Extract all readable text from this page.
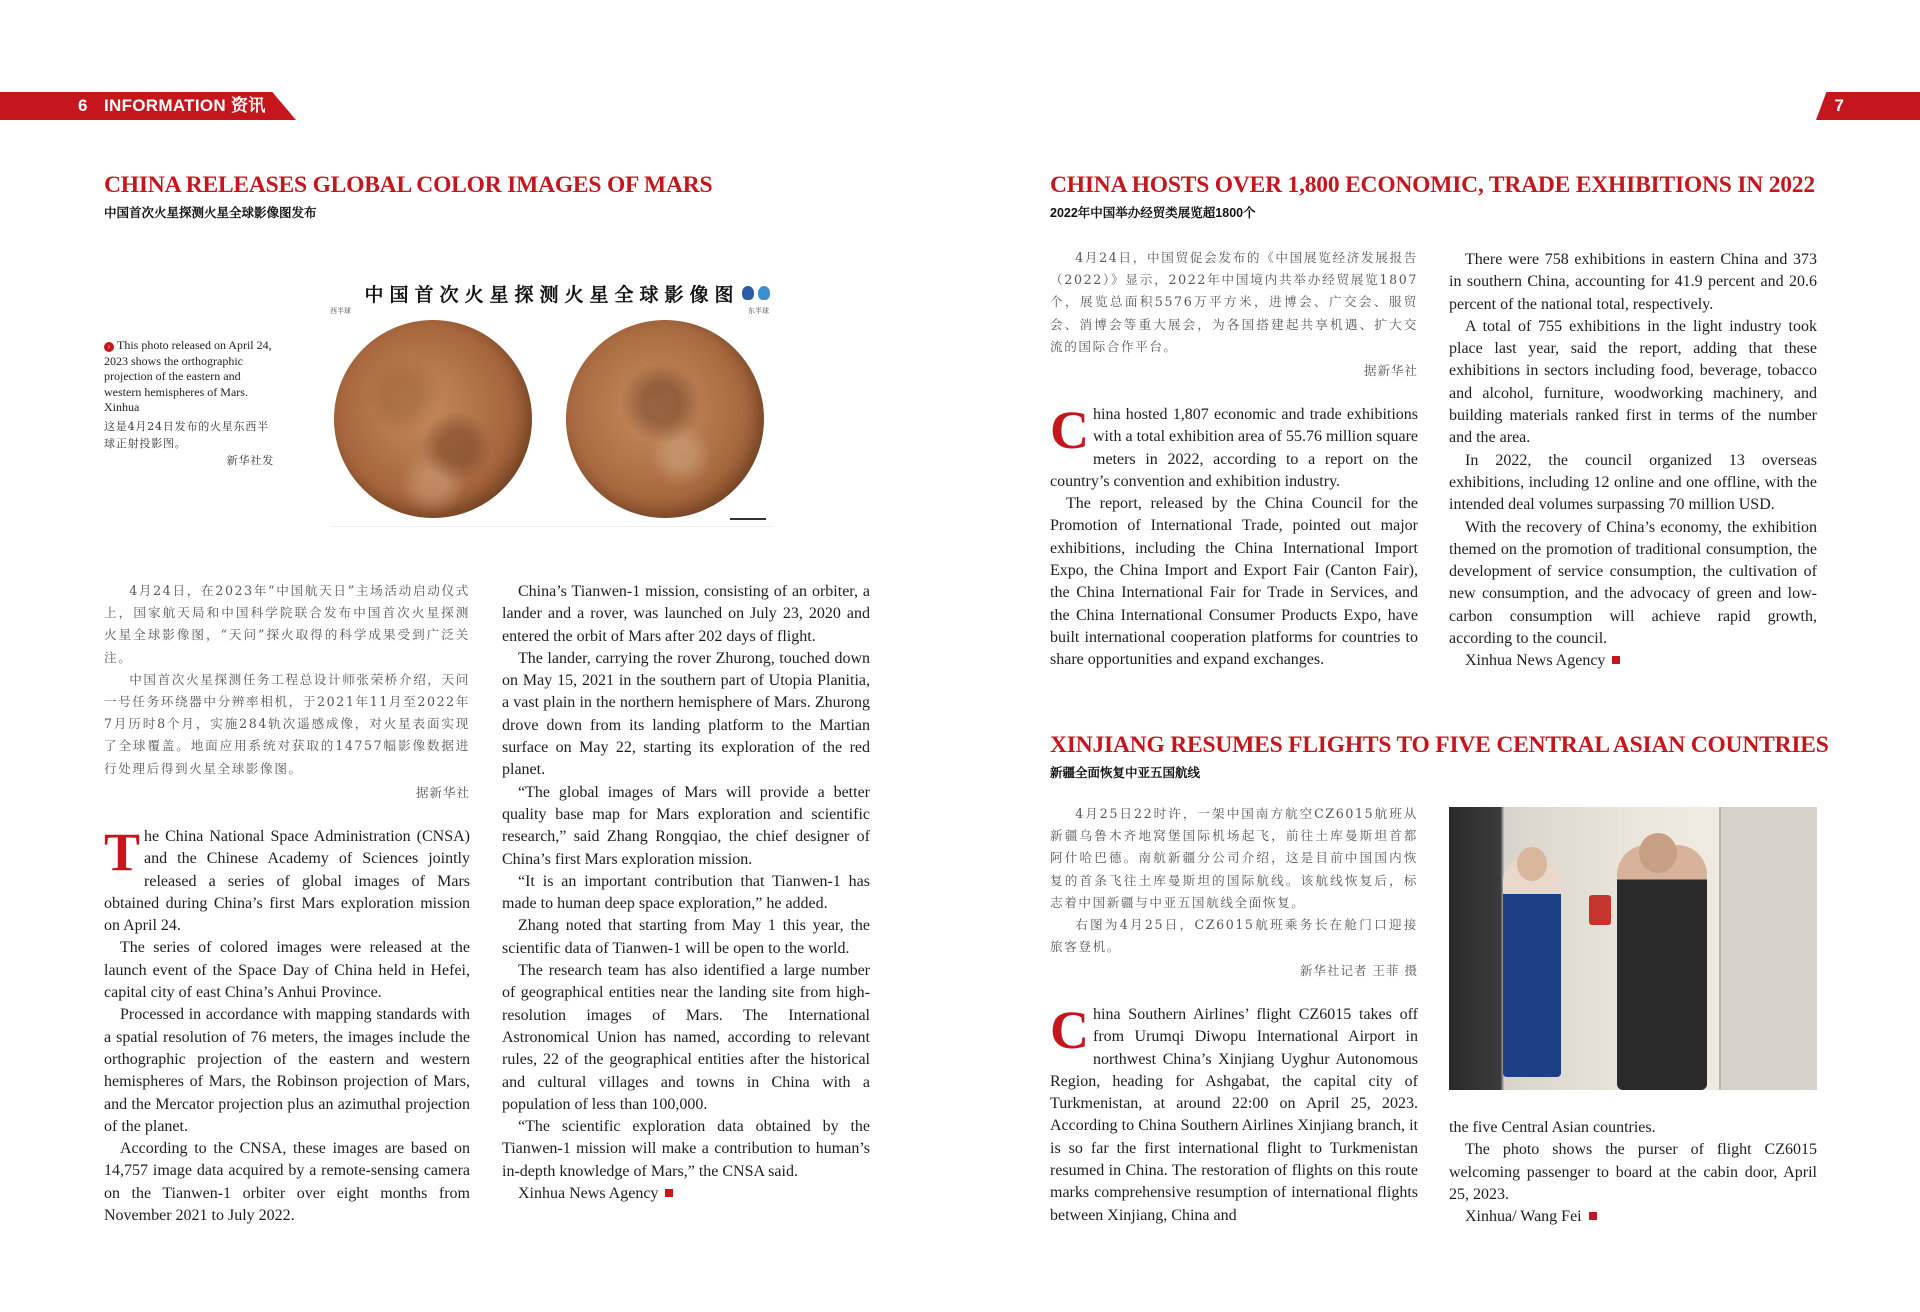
6 INFORMATION 资讯	7
CHINA RELEASES GLOBAL COLOR IMAGES OF MARS
中国首次火星探测火星全球影像图发布
西半球	东半球
中国首次火星探测火星全球影像图
› This photo released on April 24, 2023 shows the orthographic projection of the eastern and western hemispheres of Mars. Xinhua
这是4月24日发布的火星东西半球正射投影图。
新华社发

4月24日，在2023年“中国航天日”主场活动启动仪式上，国家航天局和中国科学院联合发布中国首次火星探测火星全球影像图，“天问”探火取得的科学成果受到广泛关注。

中国首次火星探测任务工程总设计师张荣桥介绍，天问一号任务环绕器中分辨率相机，于2021年11月至2022年7月历时8个月，实施284轨次遥感成像，对火星表面实现了全球覆盖。地面应用系统对获取的14757幅影像数据进行处理后得到火星全球影像图。

据新华社

The China National Space Administration (CNSA) and the Chinese Academy of Sciences jointly released a series of global images of Mars obtained during China’s first Mars exploration mission on April 24.

The series of colored images were released at the launch event of the Space Day of China held in Hefei, capital city of east China’s Anhui Province.

Processed in accordance with mapping standards with a spatial resolution of 76 meters, the images include the orthographic projection of the eastern and western hemispheres of Mars, the Robinson projection of Mars, and the Mercator projection plus an azimuthal projection of the planet.

According to the CNSA, these images are based on 14,757 image data acquired by a remote-sensing camera on the Tianwen-1 orbiter over eight months from November 2021 to July 2022.

China’s Tianwen-1 mission, consisting of an orbiter, a lander and a rover, was launched on July 23, 2020 and entered the orbit of Mars after 202 days of flight.

The lander, carrying the rover Zhurong, touched down on May 15, 2021 in the southern part of Utopia Planitia, a vast plain in the northern hemisphere of Mars. Zhurong drove down from its landing platform to the Martian surface on May 22, starting its exploration of the red planet.

“The global images of Mars will provide a better quality base map for Mars exploration and scientific research,” said Zhang Rongqiao, the chief designer of China’s first Mars exploration mission.

“It is an important contribution that Tianwen-1 has made to human deep space exploration,” he added.

Zhang noted that starting from May 1 this year, the scientific data of Tianwen-1 will be open to the world.

The research team has also identified a large number of geographical entities near the landing site from high-resolution images of Mars. The International Astronomical Union has named, according to relevant rules, 22 of the geographical entities after the historical and cultural villages and towns in China with a population of less than 100,000.

“The scientific exploration data obtained by the Tianwen-1 mission will make a contribution to human’s in-depth knowledge of Mars,” the CNSA said.

Xinhua News Agency

CHINA HOSTS OVER 1,800 ECONOMIC, TRADE EXHIBITIONS IN 2022
2022年中国举办经贸类展览超1800个

4月24日，中国贸促会发布的《中国展览经济发展报告（2022）》显示，2022年中国境内共举办经贸展览1807个，展览总面积5576万平方米，进博会、广交会、服贸会、消博会等重大展会，为各国搭建起共享机遇、扩大交流的国际合作平台。

据新华社

China hosted 1,807 economic and trade exhibitions with a total exhibition area of 55.76 million square meters in 2022, according to a report on the country’s convention and exhibition industry.

The report, released by the China Council for the Promotion of International Trade, pointed out major exhibitions, including the China International Import Expo, the China Import and Export Fair (Canton Fair), the China International Fair for Trade in Services, and the China International Consumer Products Expo, have built international cooperation platforms for countries to share opportunities and expand exchanges.

There were 758 exhibitions in eastern China and 373 in southern China, accounting for 41.9 percent and 20.6 percent of the national total, respectively.

A total of 755 exhibitions in the light industry took place last year, said the report, adding that these exhibitions in sectors including food, beverage, tobacco and alcohol, furniture, woodworking machinery, and building materials ranked first in terms of the number and the area.

In 2022, the council organized 13 overseas exhibitions, including 12 online and one offline, with the intended deal volumes surpassing 70 million USD.

With the recovery of China’s economy, the exhibition themed on the promotion of traditional consumption, the development of service consumption, the cultivation of new consumption, and the advocacy of green and low-carbon consumption will achieve rapid growth, according to the council.

Xinhua News Agency

XINJIANG RESUMES FLIGHTS TO FIVE CENTRAL ASIAN COUNTRIES
新疆全面恢复中亚五国航线

4月25日22时许，一架中国南方航空CZ6015航班从新疆乌鲁木齐地窝堡国际机场起飞，前往土库曼斯坦首都阿什哈巴德。南航新疆分公司介绍，这是目前中国国内恢复的首条飞往土库曼斯坦的国际航线。该航线恢复后，标志着中国新疆与中亚五国航线全面恢复。

右图为4月25日，CZ6015航班乘务长在舱门口迎接旅客登机。

新华社记者 王菲 摄

China Southern Airlines’ flight CZ6015 takes off from Urumqi Diwopu International Airport in northwest China’s Xinjiang Uyghur Autonomous Region, heading for Ashgabat, the capital city of Turkmenistan, at around 22:00 on April 25, 2023. According to China Southern Airlines Xinjiang branch, it is so far the first international flight to Turkmenistan resumed in China. The restoration of flights on this route marks comprehensive resumption of international flights between Xinjiang, China and

the five Central Asian countries.

The photo shows the purser of flight CZ6015 welcoming passenger to board at the cabin door, April 25, 2023.

Xinhua/ Wang Fei
